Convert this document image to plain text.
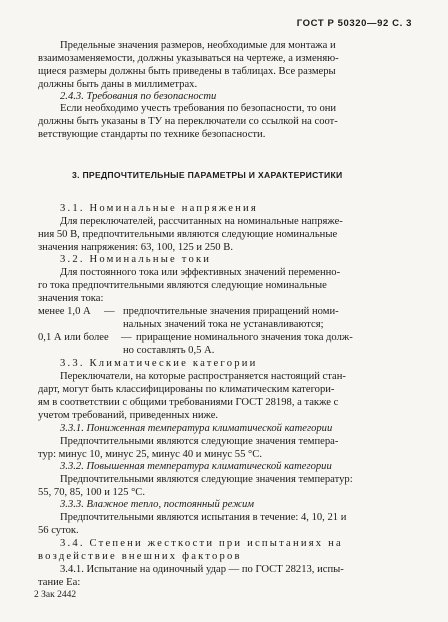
ГОСТ Р 50320—92 С. 3
Предельные значения размеров, необходимые для монтажа и
взаимозаменяемости, должны указываться на чертеже, а изменяю-
щиеся размеры должны быть приведены в таблицах. Все размеры
должны быть даны в миллиметрах.
2.4.3. Требования по безопасности
Если необходимо учесть требования по безопасности, то они
должны быть указаны в ТУ на переключатели со ссылкой на соот-
ветствующие стандарты по технике безопасности.
3. ПРЕДПОЧТИТЕЛЬНЫЕ ПАРАМЕТРЫ И ХАРАКТЕРИСТИКИ
3.1. Номинальные напряжения
Для переключателей, рассчитанных на номинальные напряже-
ния 50 В, предпочтительными являются следующие номинальные
значения напряжения: 63, 100, 125 и 250 В.
3.2. Номинальные токи
Для постоянного тока или эффективных значений переменно-
го тока предпочтительными являются следующие номинальные
значения тока:
менее 1,0 А — предпочтительные значения приращений номи-
нальных значений тока не устанавливаются;
0,1 А или более — приращение номинального значения тока долж-
но составлять 0,5 А.
3.3. Климатические категории
Переключатели, на которые распространяется настоящий стан-
дарт, могут быть классифицированы по климатическим категори-
ям в соответствии с общими требованиями ГОСТ 28198, а также с
учетом требований, приведенных ниже.
3.3.1. Пониженная температура климатической категории
Предпочтительными являются следующие значения темпера-
тур: минус 10, минус 25, минус 40 и минус 55 °С.
3.3.2. Повышенная температура климатической категории
Предпочтительными являются следующие значения температур:
55, 70, 85, 100 и 125 °С.
3.3.3. Влажное тепло, постоянный режим
Предпочтительными являются испытания в течение: 4, 10, 21 и
56 суток.
3.4. Степени жесткости при испытаниях на
воздействие внешних факторов
3.4.1. Испытание на одиночный удар — по ГОСТ 28213, испы-
тание Еа:
2 Зак 2442
